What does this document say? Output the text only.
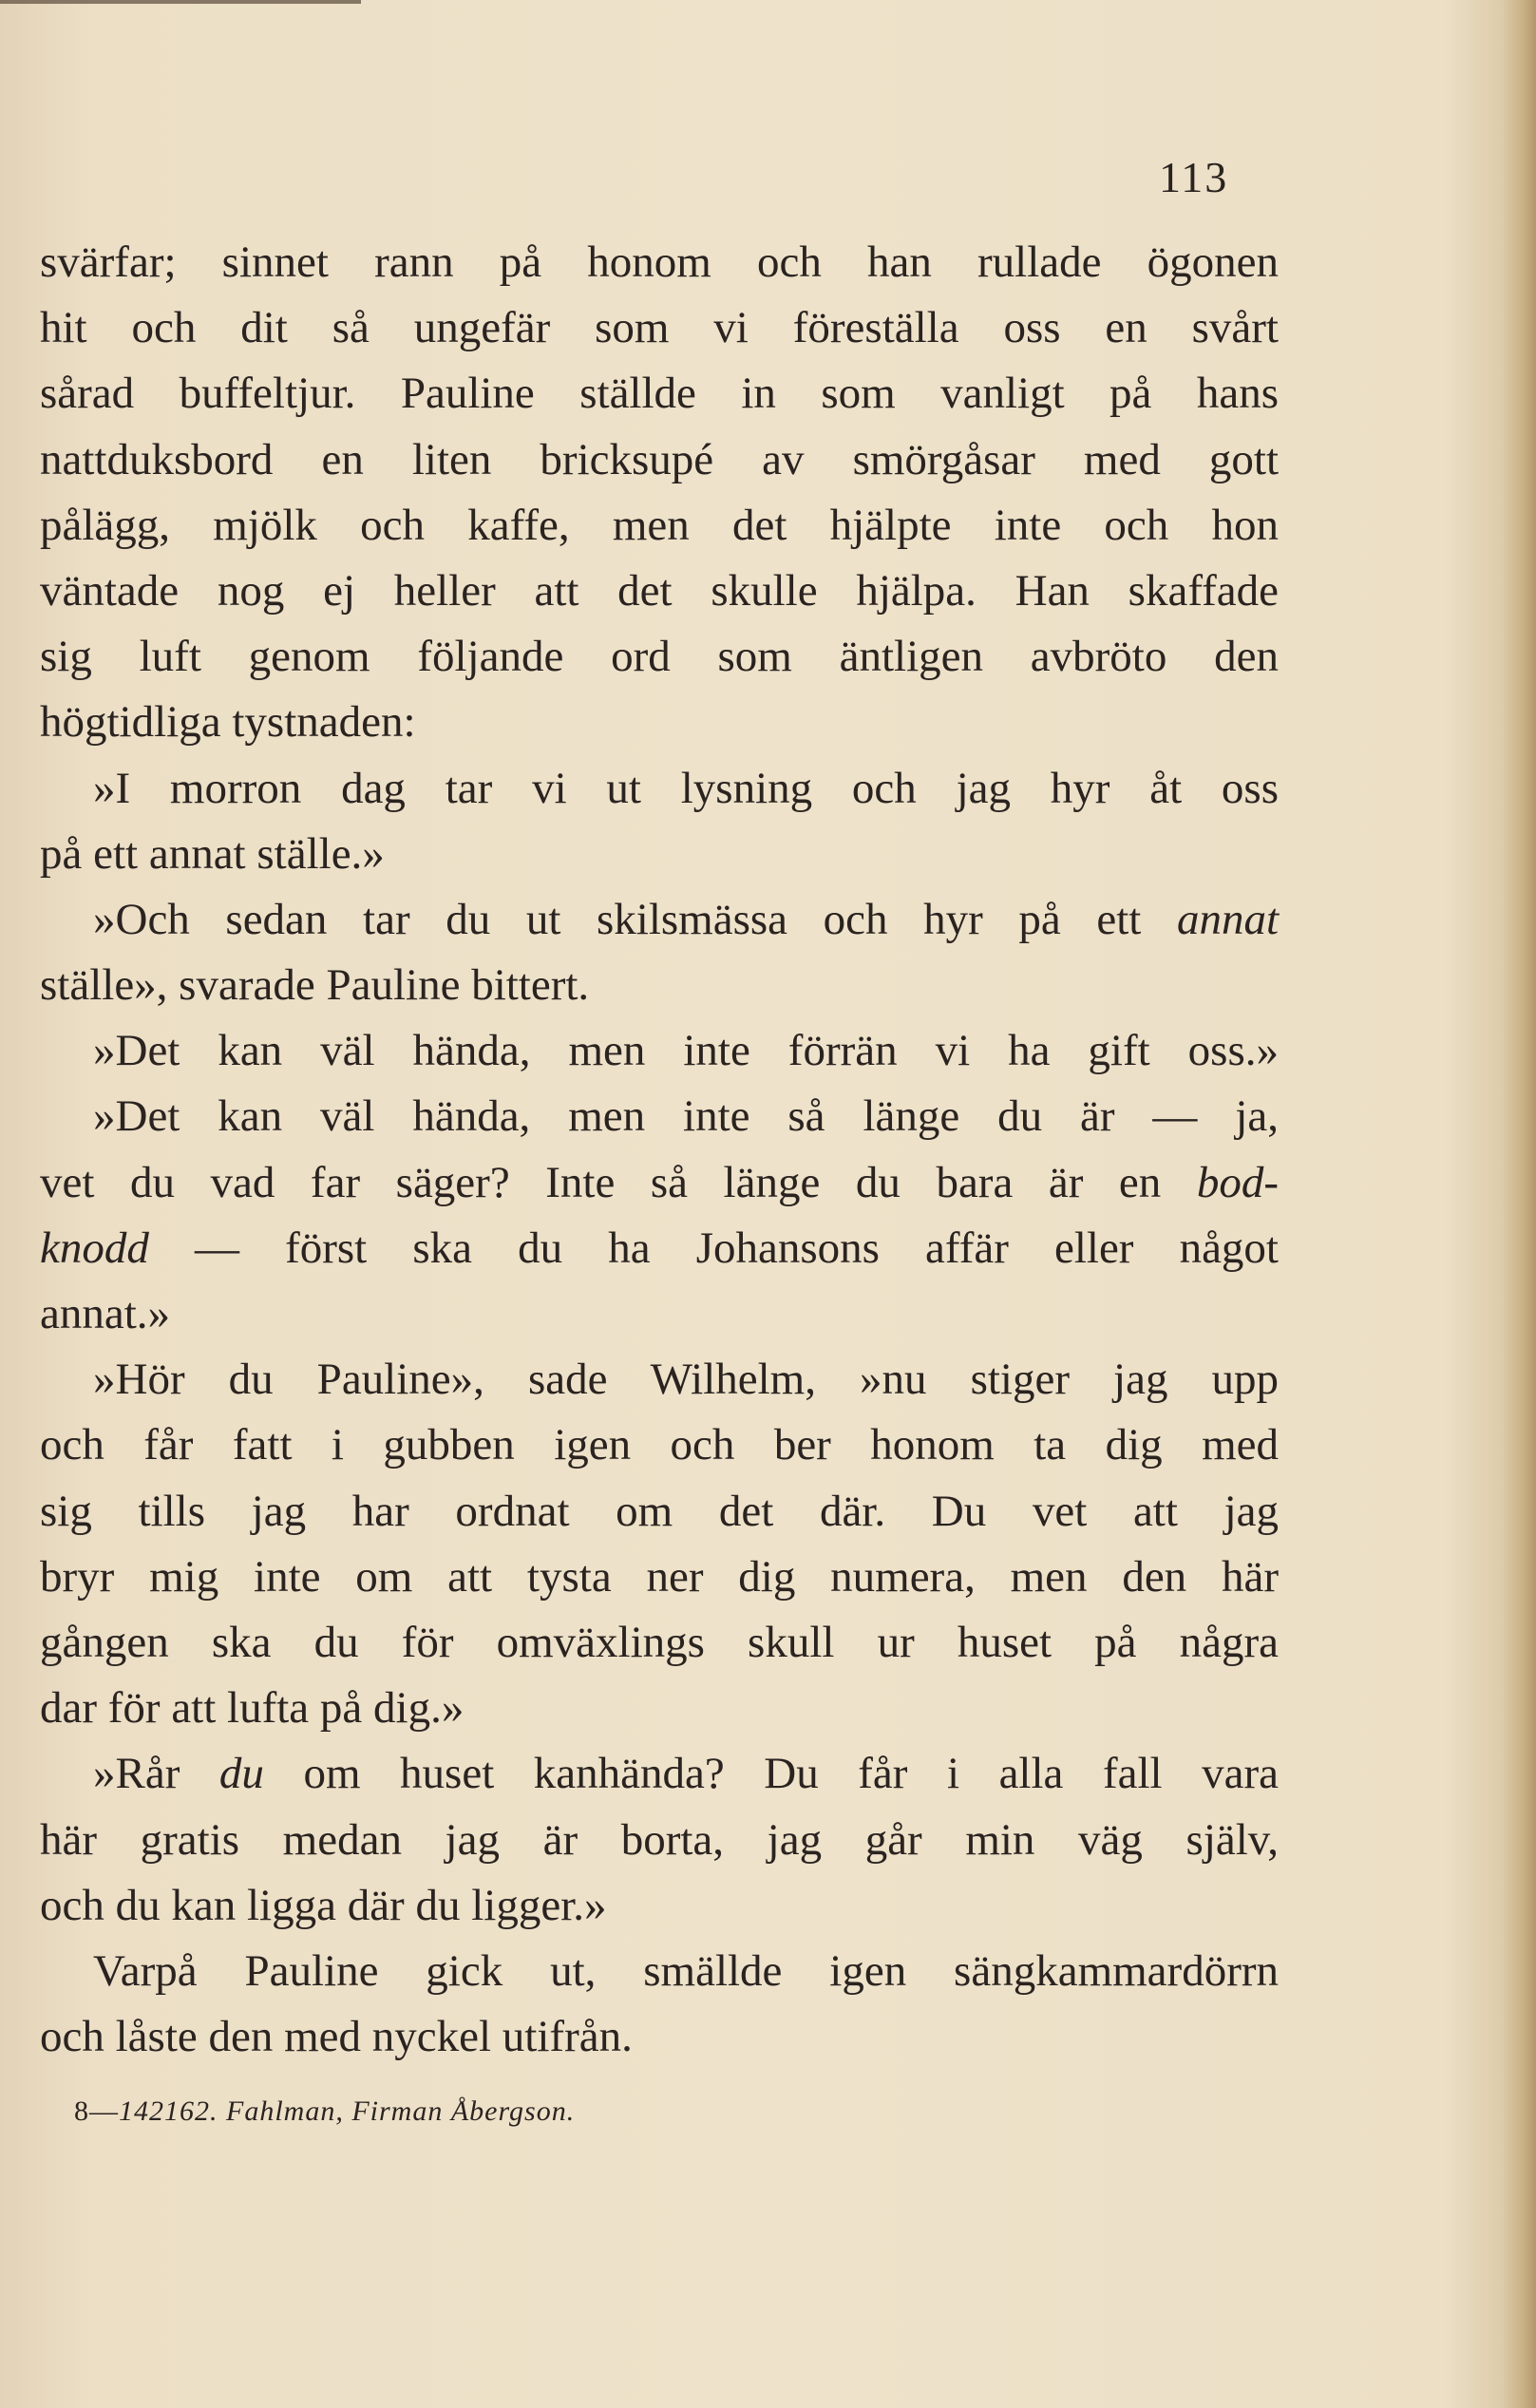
113
svärfar; sinnet rann på honom och han rullade ögonen
hit och dit så ungefär som vi föreställa oss en svårt
sårad buffeltjur. Pauline ställde in som vanligt på hans
nattduksbord en liten bricksupé av smörgåsar med gott
pålägg, mjölk och kaffe, men det hjälpte inte och hon
väntade nog ej heller att det skulle hjälpa. Han skaffade
sig luft genom följande ord som äntligen avbröto den
högtidliga tystnaden:
»I morron dag tar vi ut lysning och jag hyr åt oss
på ett annat ställe.»
»Och sedan tar du ut skilsmässa och hyr på ett annat
ställe», svarade Pauline bittert.
»Det kan väl hända, men inte förrän vi ha gift oss.»
»Det kan väl hända, men inte så länge du är — ja,
vet du vad far säger? Inte så länge du bara är en bod-
knodd — först ska du ha Johansons affär eller något
annat.»
»Hör du Pauline», sade Wilhelm, »nu stiger jag upp
och får fatt i gubben igen och ber honom ta dig med
sig tills jag har ordnat om det där. Du vet att jag
bryr mig inte om att tysta ner dig numera, men den här
gången ska du för omväxlings skull ur huset på några
dar för att lufta på dig.»
»Rår du om huset kanhända? Du får i alla fall vara
här gratis medan jag är borta, jag går min väg själv,
och du kan ligga där du ligger.»
Varpå Pauline gick ut, smällde igen sängkammardörrn
och låste den med nyckel utifrån.
8—142162. Fahlman, Firman Åbergson.
